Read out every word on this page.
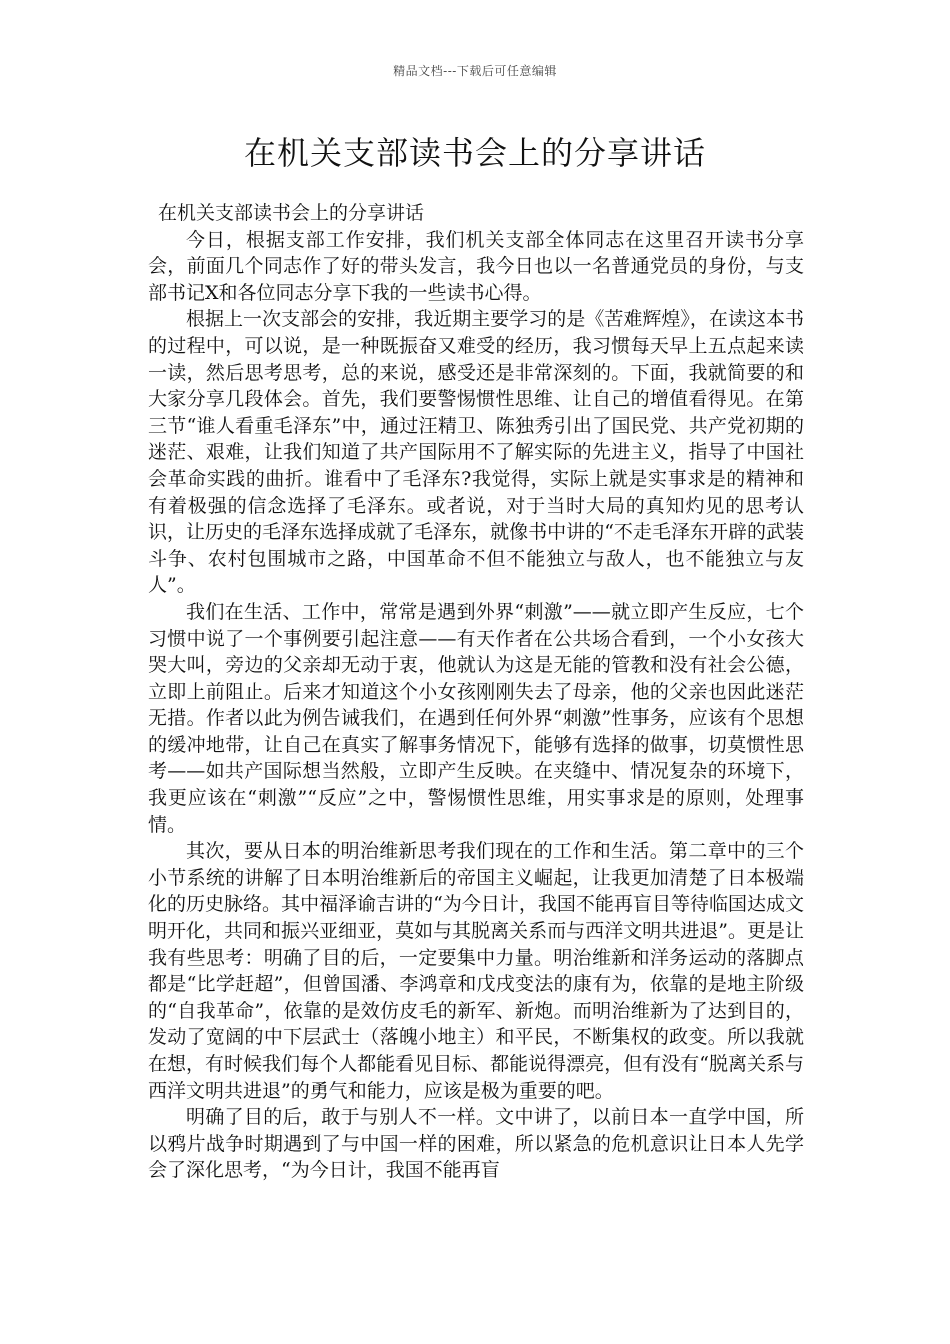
精品文档---下载后可任意编辑
在机关支部读书会上的分享讲话

在机关支部读书会上的分享讲话

今日，根据支部工作安排，我们机关支部全体同志在这里召开读书分享会，前面几个同志作了好的带头发言，我今日也以一名普通党员的身份，与支部书记X和各位同志分享下我的一些读书心得。

根据上一次支部会的安排，我近期主要学习的是《苦难辉煌》，在读这本书的过程中，可以说，是一种既振奋又难受的经历，我习惯每天早上五点起来读一读，然后思考思考，总的来说，感受还是非常深刻的。下面，我就简要的和大家分享几段体会。首先，我们要警惕惯性思维、让自己的增值看得见。在第三节“谁人看重毛泽东”中，通过汪精卫、陈独秀引出了国民党、共产党初期的迷茫、艰难，让我们知道了共产国际用不了解实际的先进主义，指导了中国社会革命实践的曲折。谁看中了毛泽东?我觉得，实际上就是实事求是的精神和有着极强的信念选择了毛泽东。或者说，对于当时大局的真知灼见的思考认识，让历史的毛泽东选择成就了毛泽东，就像书中讲的“不走毛泽东开辟的武装斗争、农村包围城市之路，中国革命不但不能独立与敌人，也不能独立与友人”。

我们在生活、工作中，常常是遇到外界“刺激”——就立即产生反应，七个习惯中说了一个事例要引起注意——有天作者在公共场合看到，一个小女孩大哭大叫，旁边的父亲却无动于衷，他就认为这是无能的管教和没有社会公德，立即上前阻止。后来才知道这个小女孩刚刚失去了母亲，他的父亲也因此迷茫无措。作者以此为例告诫我们，在遇到任何外界“刺激”性事务，应该有个思想的缓冲地带，让自己在真实了解事务情况下，能够有选择的做事，切莫惯性思考——如共产国际想当然般，立即产生反映。在夹缝中、情况复杂的环境下，我更应该在“刺激”“反应”之中，警惕惯性思维，用实事求是的原则，处理事情。

其次，要从日本的明治维新思考我们现在的工作和生活。第二章中的三个小节系统的讲解了日本明治维新后的帝国主义崛起，让我更加清楚了日本极端化的历史脉络。其中福泽谕吉讲的“为今日计，我国不能再盲目等待临国达成文明开化，共同和振兴亚细亚，莫如与其脱离关系而与西洋文明共进退”。更是让我有些思考：明确了目的后，一定要集中力量。明治维新和洋务运动的落脚点都是“比学赶超”，但曾国潘、李鸿章和戊戌变法的康有为，依靠的是地主阶级的“自我革命”，依靠的是效仿皮毛的新军、新炮。而明治维新为了达到目的，发动了宽阔的中下层武士（落魄小地主）和平民，不断集权的政变。所以我就在想，有时候我们每个人都能看见目标、都能说得漂亮，但有没有“脱离关系与西洋文明共进退”的勇气和能力，应该是极为重要的吧。

明确了目的后，敢于与别人不一样。文中讲了，以前日本一直学中国，所以鸦片战争时期遇到了与中国一样的困难，所以紧急的危机意识让日本人先学会了深化思考，“为今日计，我国不能再盲
